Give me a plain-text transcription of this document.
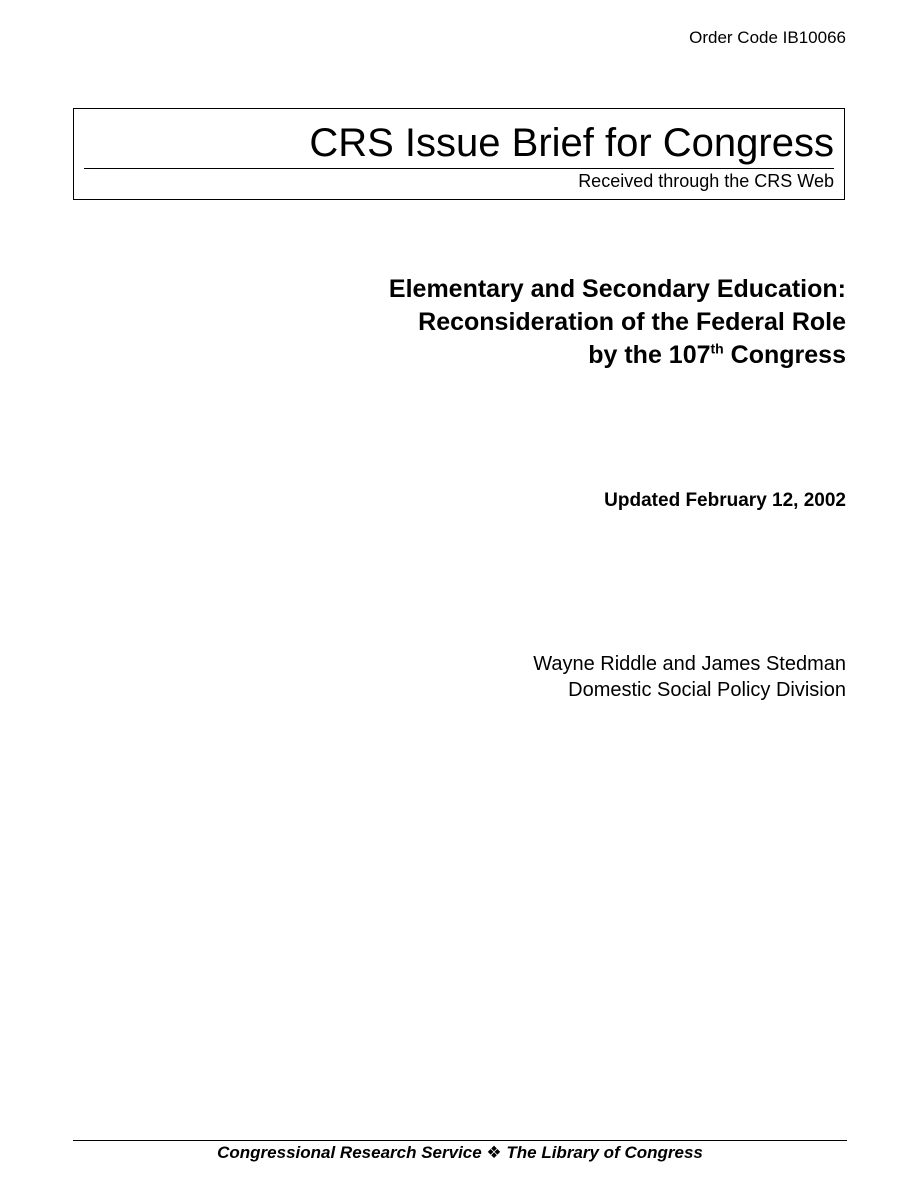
Order Code IB10066
CRS Issue Brief for Congress
Received through the CRS Web
Elementary and Secondary Education:
Reconsideration of the Federal Role
by the 107th Congress
Updated February 12, 2002
Wayne Riddle and James Stedman
Domestic Social Policy Division
Congressional Research Service ❖ The Library of Congress
